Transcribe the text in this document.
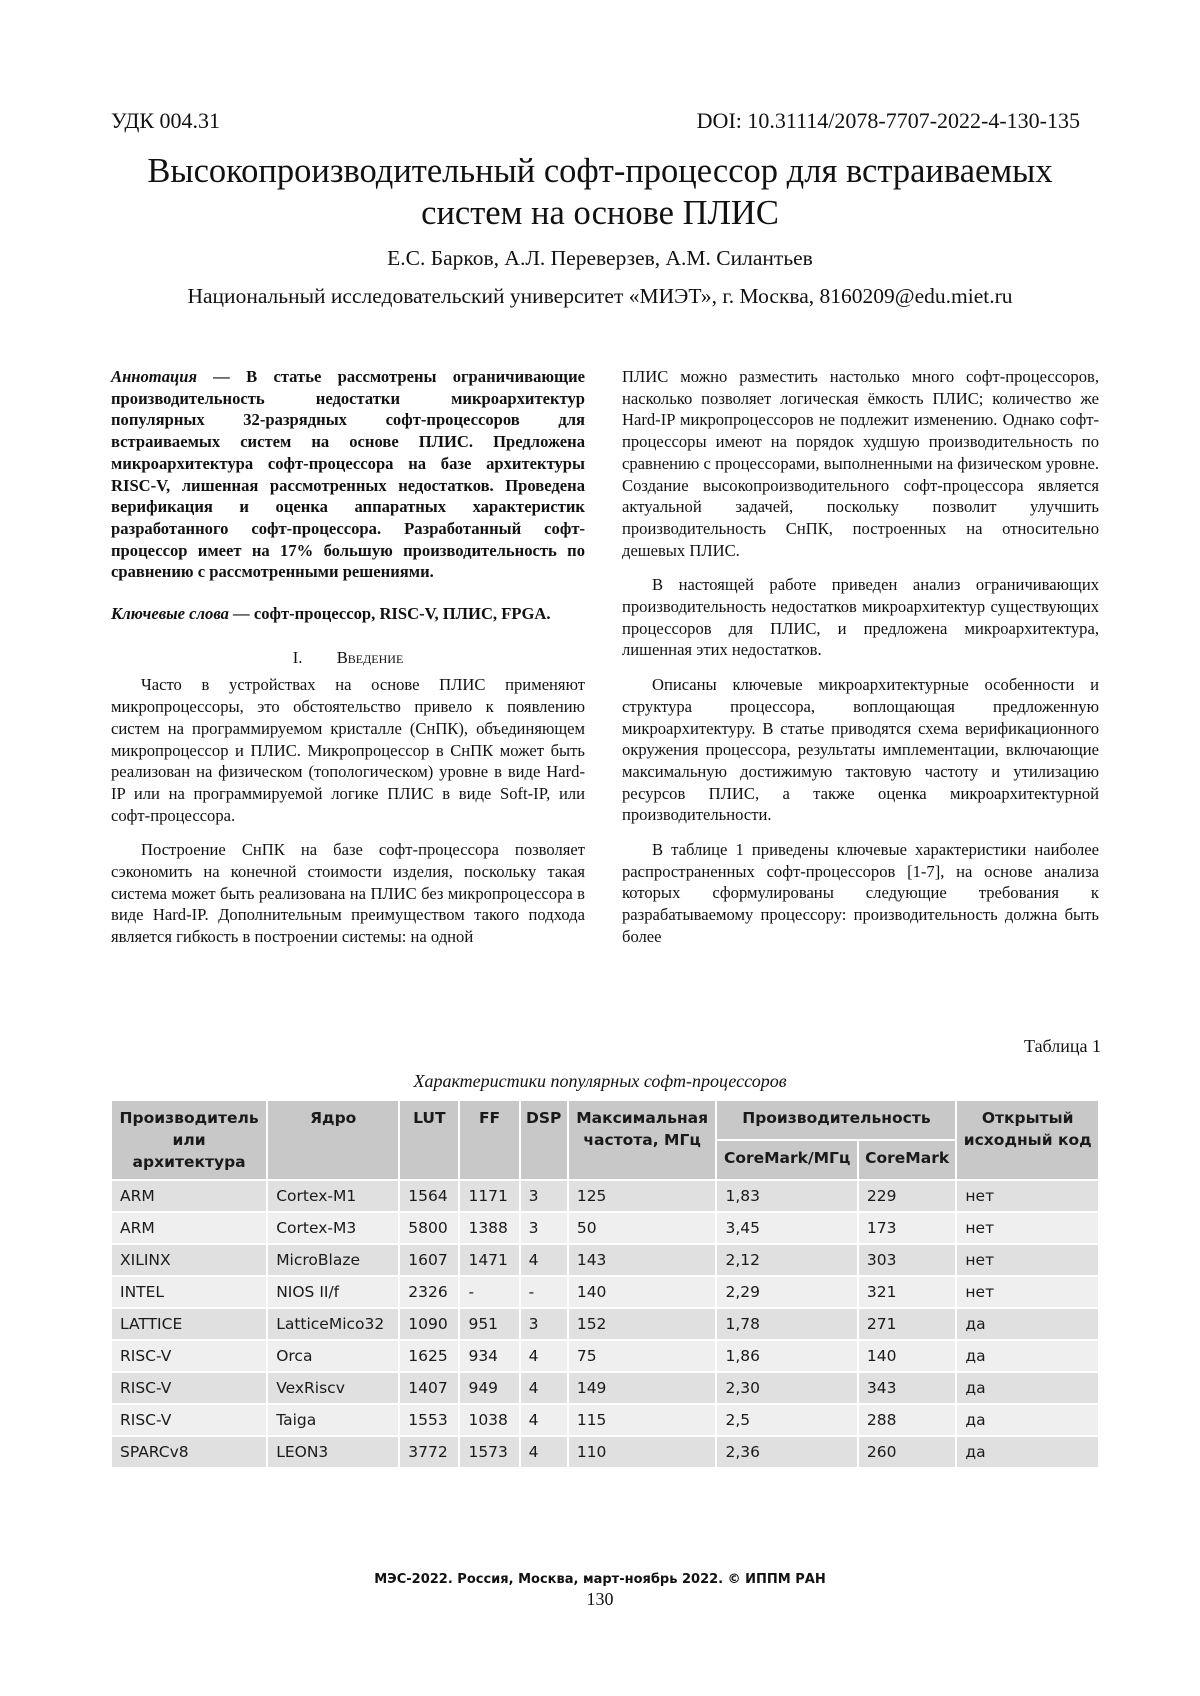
УДК 004.31	DOI: 10.31114/2078-7707-2022-4-130-135
Высокопроизводительный софт-процессор для встраиваемых
систем на основе ПЛИС
Е.С. Барков, А.Л. Переверзев, А.М. Силантьев
Национальный исследовательский университет «МИЭТ», г. Москва, 8160209@edu.miet.ru

Аннотация — В статье рассмотрены ограничивающие производительность недостатки микроархитектур популярных 32-разрядных софт-процессоров для встраиваемых систем на основе ПЛИС. Предложена микроархитектура софт-процессора на базе архитектуры RISC-V, лишенная рассмотренных недостатков. Проведена верификация и оценка аппаратных характеристик разработанного софт-процессора. Разработанный софт-процессор имеет на 17% большую производительность по сравнению с рассмотренными решениями.

Ключевые слова — софт-процессор, RISC-V, ПЛИС, FPGA.

I. Введение

Часто в устройствах на основе ПЛИС применяют микропроцессоры, это обстоятельство привело к появлению систем на программируемом кристалле (СнПК), объединяющем микропроцессор и ПЛИС. Микропроцессор в СнПК может быть реализован на физическом (топологическом) уровне в виде Hard-IP или на программируемой логике ПЛИС в виде Soft-IP, или софт-процессора.

Построение СнПК на базе софт-процессора позволяет сэкономить на конечной стоимости изделия, поскольку такая система может быть реализована на ПЛИС без микропроцессора в виде Hard-IP. Дополнительным преимуществом такого подхода является гибкость в построении системы: на одной

ПЛИС можно разместить настолько много софт-процессоров, насколько позволяет логическая ёмкость ПЛИС; количество же Hard-IP микропроцессоров не подлежит изменению. Однако софт-процессоры имеют на порядок худшую производительность по сравнению с процессорами, выполненными на физическом уровне. Создание высокопроизводительного софт-процессора является актуальной задачей, поскольку позволит улучшить производительность СнПК, построенных на относительно дешевых ПЛИС.

В настоящей работе приведен анализ ограничивающих производительность недостатков микроархитектур существующих процессоров для ПЛИС, и предложена микроархитектура, лишенная этих недостатков.

Описаны ключевые микроархитектурные особенности и структура процессора, воплощающая предложенную микроархитектуру. В статье приводятся схема верификационного окружения процессора, результаты имплементации, включающие максимальную достижимую тактовую частоту и утилизацию ресурсов ПЛИС, а также оценка микроархитектурной производительности.

В таблице 1 приведены ключевые характеристики наиболее распространенных софт-процессоров [1-7], на основе анализа которых сформулированы следующие требования к разрабатываемому процессору: производительность должна быть более

Таблица 1
Характеристики популярных софт-процессоров
Производитель или архитектура	Ядро	LUT	FF	DSP	Максимальная частота, МГц	Производительность		Открытый исходный код
						CoreMark/МГц	CoreMark	
ARM	Cortex-M1	1564	1171	3	125	1,83	229	нет
ARM	Cortex-M3	5800	1388	3	50	3,45	173	нет
XILINX	MicroBlaze	1607	1471	4	143	2,12	303	нет
INTEL	NIOS II/f	2326	-	-	140	2,29	321	нет
LATTICE	LatticeMico32	1090	951	3	152	1,78	271	да
RISC-V	Orca	1625	934	4	75	1,86	140	да
RISC-V	VexRiscv	1407	949	4	149	2,30	343	да
RISC-V	Taiga	1553	1038	4	115	2,5	288	да
SPARCv8	LEON3	3772	1573	4	110	2,36	260	да
МЭС-2022. Россия, Москва, март-ноябрь 2022. © ИППМ РАН
130
